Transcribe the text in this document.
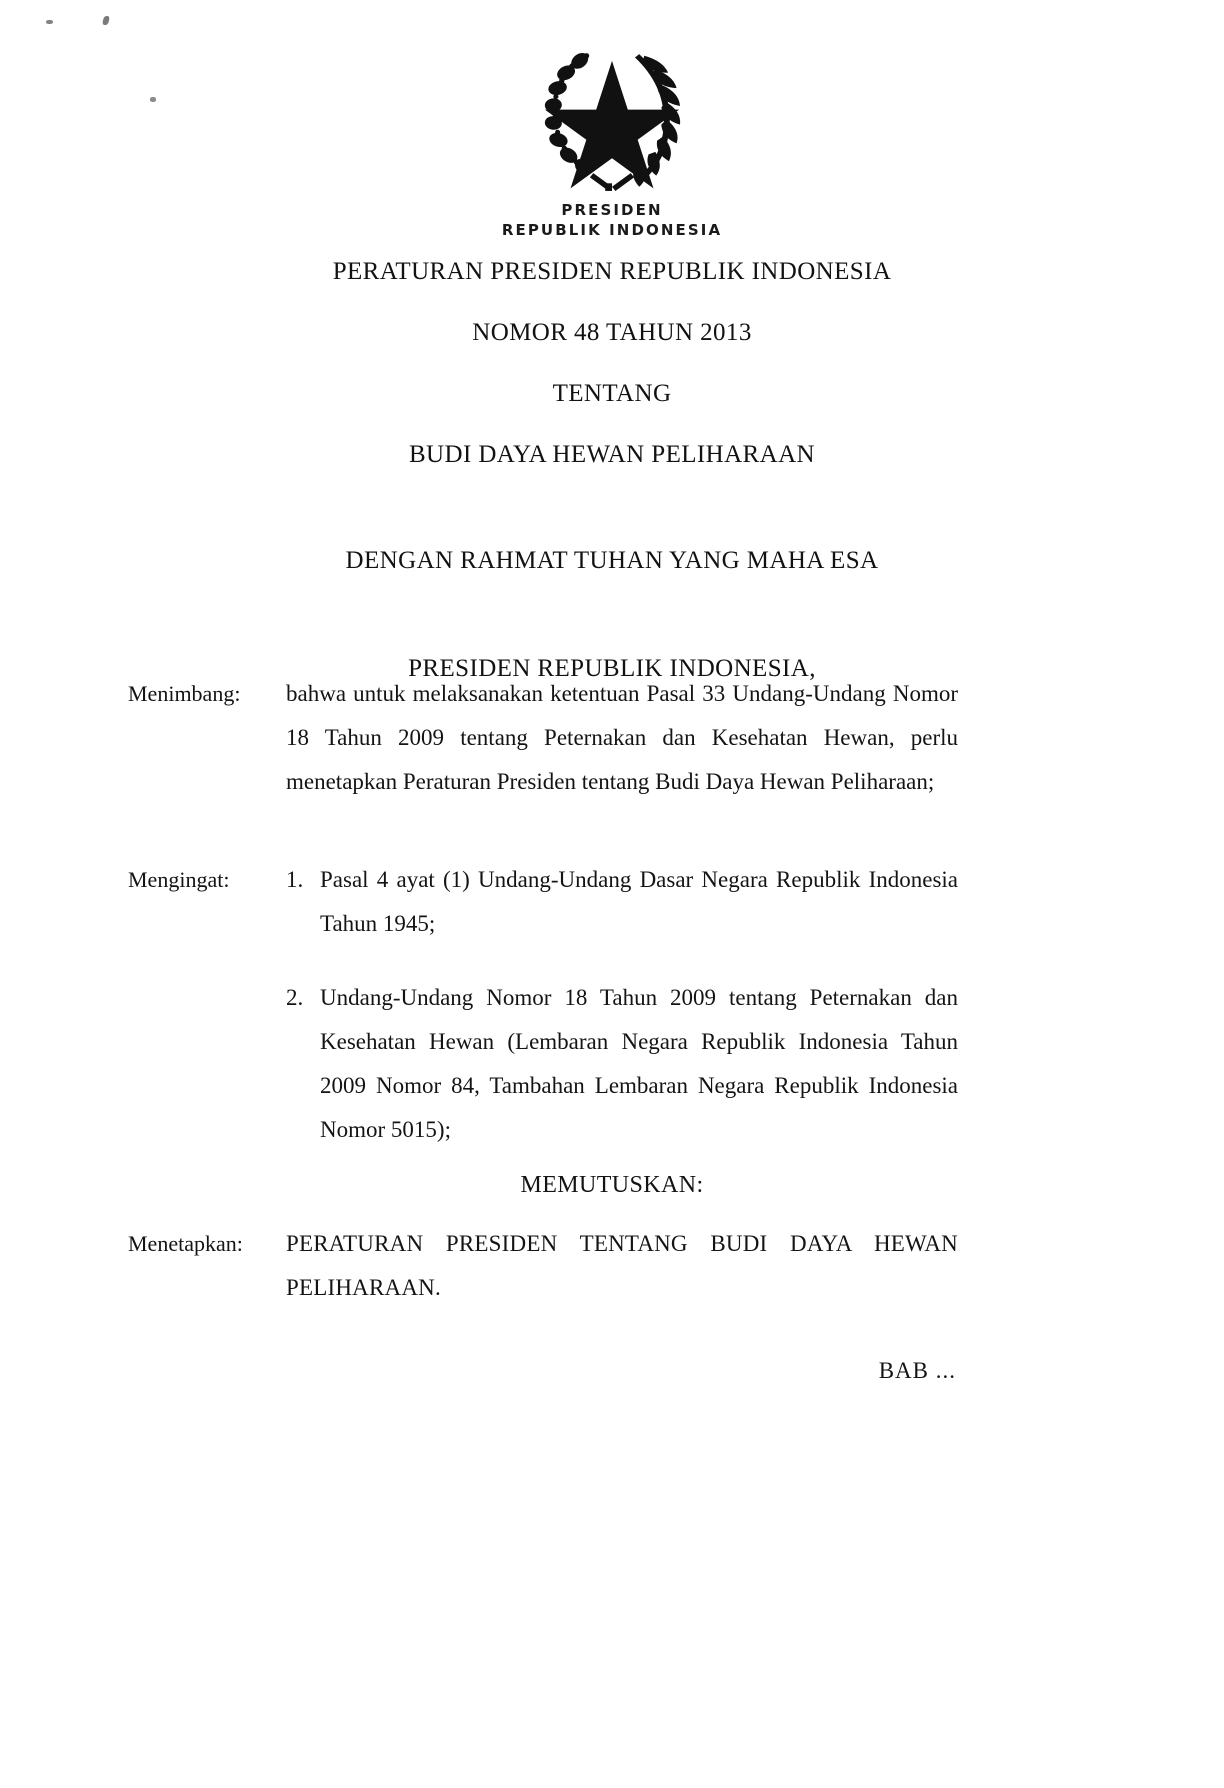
PRESIDEN
REPUBLIK INDONESIA
PERATURAN PRESIDEN REPUBLIK INDONESIA
NOMOR 48 TAHUN 2013
TENTANG
BUDI DAYA HEWAN PELIHARAAN
DENGAN RAHMAT TUHAN YANG MAHA ESA
PRESIDEN REPUBLIK INDONESIA,
Menimbang:	bahwa untuk melaksanakan ketentuan Pasal 33 Undang-Undang Nomor 18 Tahun 2009 tentang Peternakan dan Kesehatan Hewan, perlu menetapkan Peraturan Presiden tentang Budi Daya Hewan Peliharaan;

Mengingat:	1. Pasal 4 ayat (1) Undang-Undang Dasar Negara Republik Indonesia Tahun 1945;
2. Undang-Undang Nomor 18 Tahun 2009 tentang Peternakan dan Kesehatan Hewan (Lembaran Negara Republik Indonesia Tahun 2009 Nomor 84, Tambahan Lembaran Negara Republik Indonesia Nomor 5015);
MEMUTUSKAN:
Menetapkan:	PERATURAN PRESIDEN TENTANG BUDI DAYA HEWAN PELIHARAAN.
BAB ...
